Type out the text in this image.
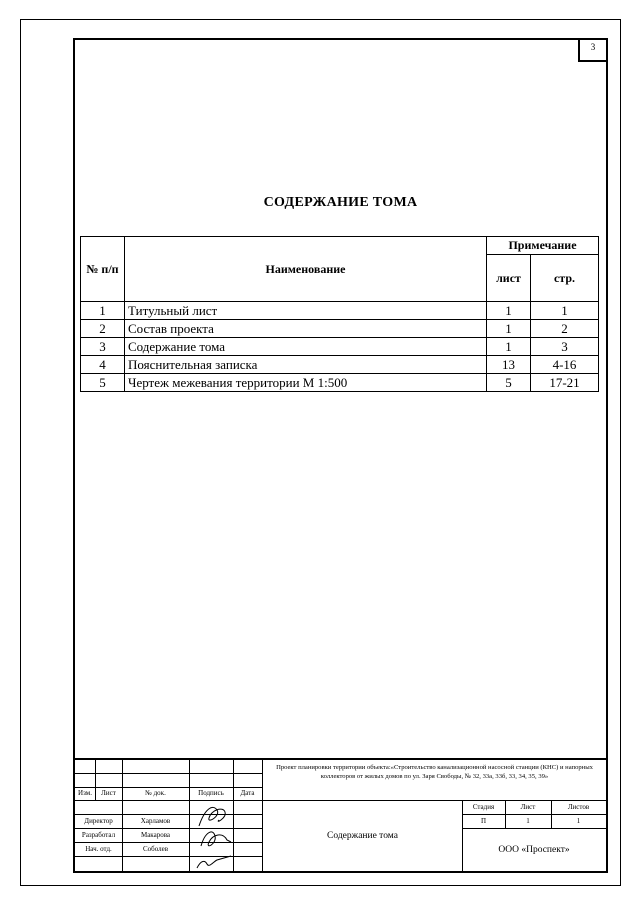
3
СОДЕРЖАНИЕ ТОМА
№ п/п	Наименование	Примечание	
		лист	стр.
1	Титульный лист	1	1
2	Состав проекта	1	2
3	Содержание тома	1	3
4	Пояснительная записка	13	4-16
5	Чертеж межевания территории М 1:500	5	17-21
Изм.	Лист	№ док.	Подпись	Дата
Проект планировки территории объекта:«Строительство канализационной насосной станции (КНС) и напорных коллекторов от жилых домов по ул. Заря Свободы, № 32, 33а, 33б, 33, 34, 35, 39»
Директор	Харламов
Разработал	Макарова
Нач. отд.	Соболев
Содержание тома
Стадия	Лист	Листов
П	1	1
ООО «Проспект»
